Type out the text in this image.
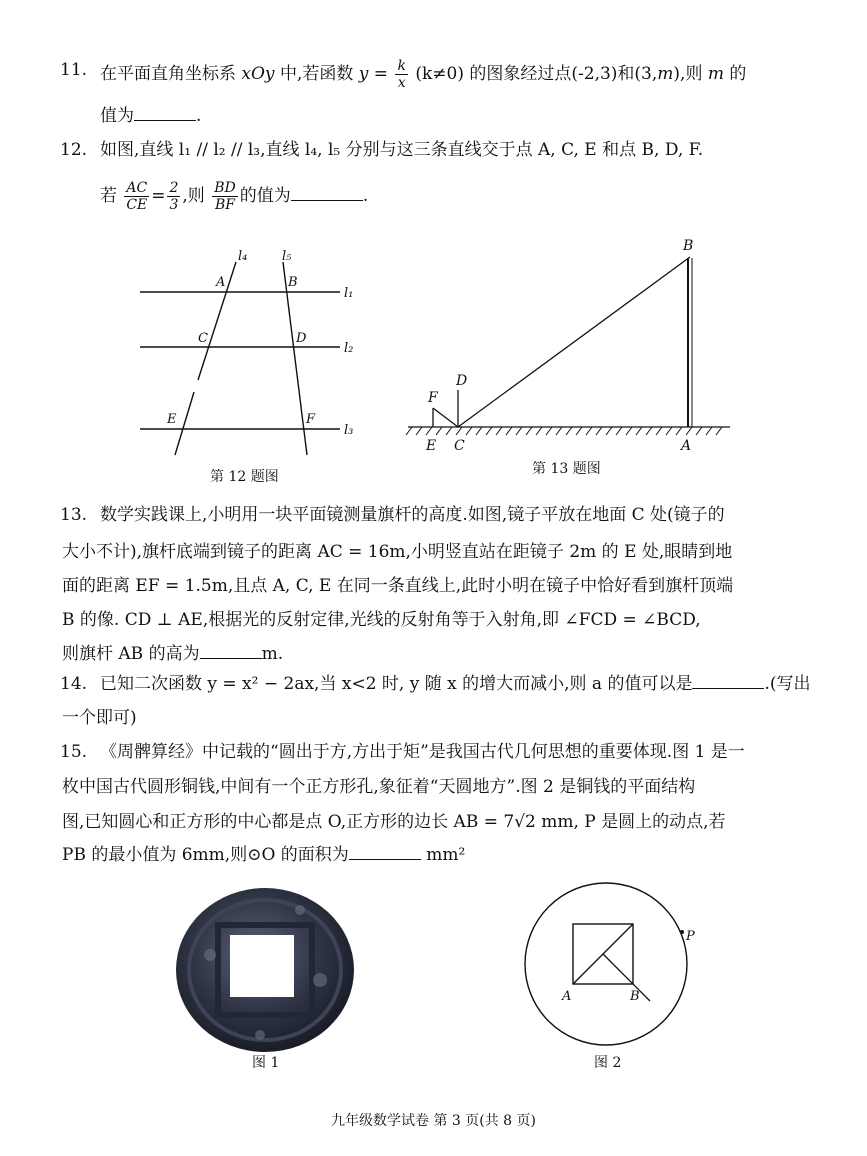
11. 在平面直角坐标系 xOy 中,若函数 $y = \frac{k}{x} (k\ne 0)$ 的图象经过点(-2,3)和(3,m),则 m 的
值为	.
12. 如图,直线 l₁ // l₂ // l₃,直线 l₄, l₅ 分别与这三条直线交于点 A, C, E 和点 B, D, F.
若 $\frac{AC}{CE} = \frac{2}{3}$ ,则 $\frac{BD}{BF}$ 的值为	.
l₄	l₅
l₁
l₂
l₃
A	B
C	D
E	F
第 12 题图
B
D
F
E C	A
第 13 题图
13. 数学实践课上,小明用一块平面镜测量旗杆的高度.如图,镜子平放在地面 C 处(镜子的
大小不计),旗杆底端到镜子的距离 AC = 16m,小明竖直站在距镜子 2m 的 E 处,眼睛到地
面的距离 EF = 1.5m,且点 A, C, E 在同一条直线上,此时小明在镜子中恰好看到旗杆顶端
B 的像. CD ⊥ AE,根据光的反射定律,光线的反射角等于入射角,即 ∠FCD = ∠BCD,
则旗杆 AB 的高为	m.
14. 已知二次函数 y = x² − 2ax,当 x<2 时, y 随 x 的增大而减小,则 a 的值可以是	.(写出
一个即可)
15. 《周髀算经》中记载的“圆出于方,方出于矩”是我国古代几何思想的重要体现.图 1 是一
枚中国古代圆形铜钱,中间有一个正方形孔,象征着“天圆地方”.图 2 是铜钱的平面结构
图,已知圆心和正方形的中心都是点 O,正方形的边长 AB = 7√2 mm, P 是圆上的动点,若
PB 的最小值为 6mm,则⊙O 的面积为	mm²
图 1
A	B
P
图 2
九年级数学试卷 第 3 页(共 8 页)
